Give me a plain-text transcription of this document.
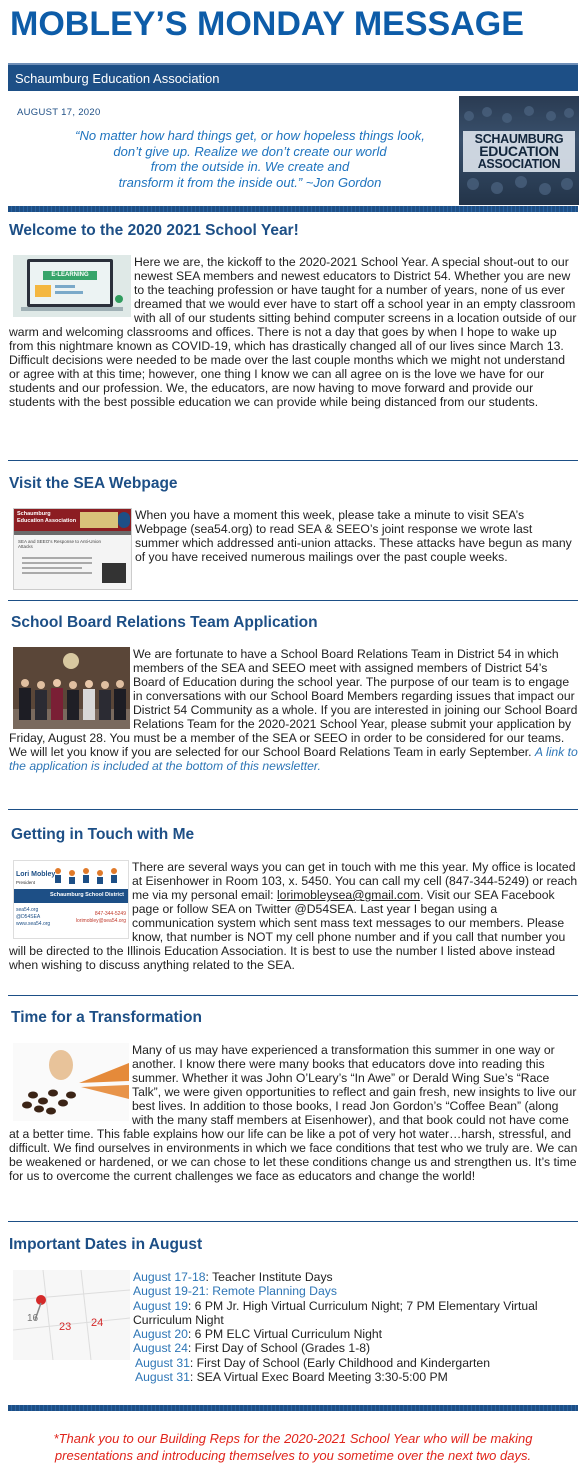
MOBLEY’S MONDAY MESSAGE
Schaumburg Education Association
AUGUST 17, 2020
“No matter how hard things get, or how hopeless things look,
don’t give up. Realize we don’t create our world
from the outside in. We create and
transform it from the inside out.” ~Jon Gordon
SCHAUMBURG
EDUCATION
ASSOCIATION
Welcome to the 2020 2021 School Year!
E-LEARNING

Here we are, the kickoff to the 2020-2021 School Year. A special shout-out to our newest SEA members and newest educators to District 54. Whether you are new to the teaching profession or have taught for a number of years, none of us ever dreamed that we would ever have to start off a school year in an empty classroom with all of our students sitting behind computer screens in a location outside of our warm and welcoming classrooms and offices. There is not a day that goes by when I hope to wake up from this nightmare known as COVID-19, which has drastically changed all of our lives since March 13. Difficult decisions were needed to be made over the last couple months which we might not understand or agree with at this time; however, one thing I know we can all agree on is the love we have for our students and our profession. We, the educators, are now having to move forward and provide our students with the best possible education we can provide while being distanced from our students.

Visit the SEA Webpage
Schaumburg Education Association
SEA and SEEO’s Response to Anti-Union Attacks

When you have a moment this week, please take a minute to visit SEA’s Webpage (sea54.org) to read SEA & SEEO’s joint response we wrote last summer which addressed anti-union attacks. These attacks have begun as many of you have received numerous mailings over the past couple weeks.

School Board Relations Team Application

We are fortunate to have a School Board Relations Team in District 54 in which members of the SEA and SEEO meet with assigned members of District 54’s Board of Education during the school year. The purpose of our team is to engage in conversations with our School Board Members regarding issues that impact our District 54 Community as a whole. If you are interested in joining our School Board Relations Team for the 2020-2021 School Year, please submit your application by Friday, August 28. You must be a member of the SEA or SEEO in order to be considered for our teams. We will let you know if you are selected for our School Board Relations Team in early September. A link to the application is included at the bottom of this newsletter.

Getting in Touch with Me
Lori Mobley
President
Schaumburg School District
sea54.org
@D54SEA
www.sea54.org
847-344-5249
lorimobley@sea54.org

There are several ways you can get in touch with me this year. My office is located at Eisenhower in Room 103, x. 5450. You can call my cell (847-344-5249) or reach me via my personal email: lorimobleysea@gmail.com. Visit our SEA Facebook page or follow SEA on Twitter @D54SEA. Last year I began using a communication system which sent mass text messages to our members. Please know, that number is NOT my cell phone number and if you call that number you will be directed to the Illinois Education Association. It is best to use the number I listed above instead when wishing to discuss anything related to the SEA.

Time for a Transformation

Many of us may have experienced a transformation this summer in one way or another. I know there were many books that educators dove into reading this summer. Whether it was John O’Leary’s “In Awe” or Derald Wing Sue’s “Race Talk”, we were given opportunities to reflect and gain fresh, new insights to live our best lives. In addition to those books, I read Jon Gordon’s “Coffee Bean” (along with the many staff members at Eisenhower), and that book could not have come at a better time. This fable explains how our life can be like a pot of very hot water…harsh, stressful, and difficult. We find ourselves in environments in which we face conditions that test who we truly are. We can be weakened or hardened, or we can chose to let these conditions change us and strengthen us. It’s time for us to overcome the current challenges we face as educators and change the world!

Important Dates in August
16
23 24
August 17-18: Teacher Institute Days
August 19-21: Remote Planning Days
August 19: 6 PM Jr. High Virtual Curriculum Night; 7 PM Elementary Virtual
Curriculum Night
August 20: 6 PM ELC Virtual Curriculum Night
August 24: First Day of School (Grades 1-8)
August 31: First Day of School (Early Childhood and Kindergarten
August 31: SEA Virtual Exec Board Meeting 3:30-5:00 PM
*Thank you to our Building Reps for the 2020-2021 School Year who will be making
presentations and introducing themselves to you sometime over the next two days.
